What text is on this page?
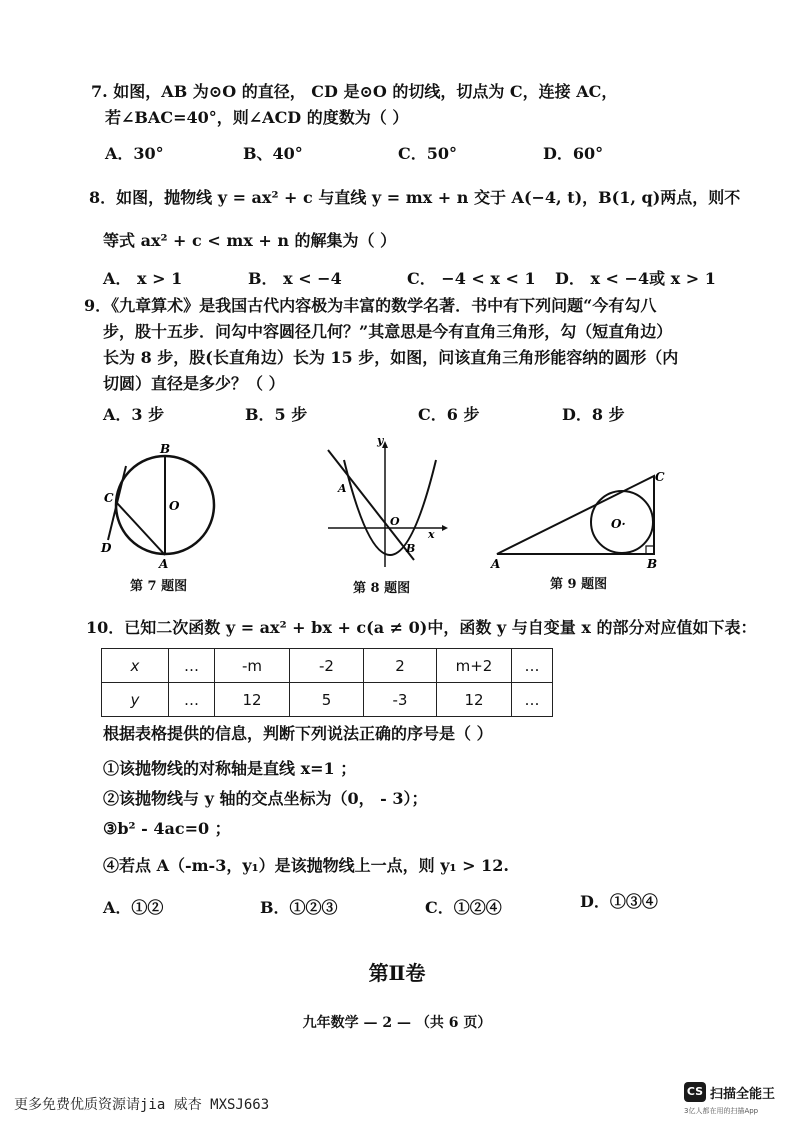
7. 如图，AB 为⊙O 的直径， CD 是⊙O 的切线，切点为 C，连接 AC，
若∠BAC=40°，则∠ACD 的度数为（ ）
A．30°	B、40°	C．50°	D．60°
8．如图，抛物线 y = ax² + c 与直线 y = mx + n 交于 A(−4, t)，B(1, q)两点，则不
等式 ax² + c < mx + n 的解集为（ ）
A． x > 1	B． x < −4	C． −4 < x < 1 D． x < −4或 x > 1
9．《九章算术》是我国古代内容极为丰富的数学名著．书中有下列问题“今有勾八
步，股十五步．问勾中容圆径几何？”其意思是今有直角三角形，勾（短直角边）
长为 8 步，股(长直角边）长为 15 步，如图，问该直角三角形能容纳的圆形（内
切圆）直径是多少？（ ）
A．3 步	B．5 步	C．6 步	D．8 步
B
C
O
D
A
第 7 题图
y
x
A
O
B
第 8 题图
C
O·
A	B
第 9 题图
10．已知二次函数 y = ax² + bx + c(a ≠ 0)中，函数 y 与自变量 x 的部分对应值如下表：
x	…	-m	-2	2	m+2	…
y	…	12	5	-3	12	…
根据表格提供的信息，判断下列说法正确的序号是（ ）
①该抛物线的对称轴是直线 x=1 ；
②该抛物线与 y 轴的交点坐标为（0， - 3）；
③b² - 4ac=0 ；
④若点 A（-m-3，y₁）是该抛物线上一点，则 y₁ > 12.
A．①②	B．①②③	C．①②④	D．①③④
第Ⅱ卷
九年数学 — 2 — （共 6 页）
更多免费优质资源请jia 威杏 MXSJ663
CS 扫描全能王
3亿人都在用的扫描App
